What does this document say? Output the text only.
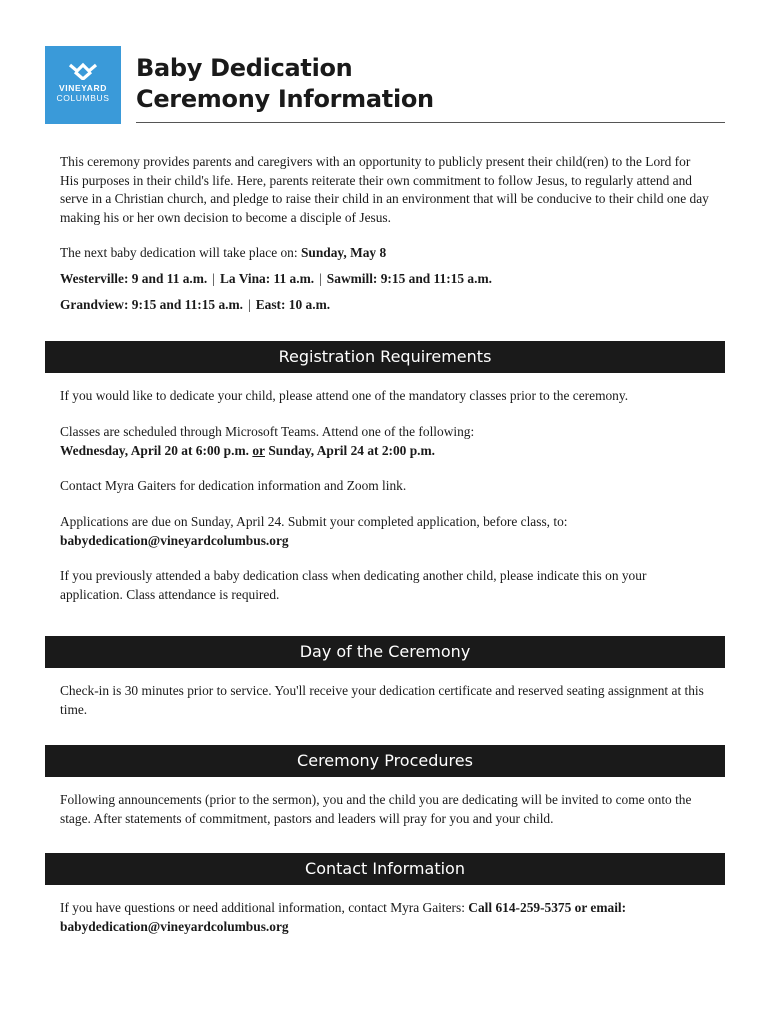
VINEYARD
COLUMBUS
Baby Dedication
Ceremony Information
This ceremony provides parents and caregivers with an opportunity to publicly present their child(ren) to the Lord for His purposes in their child's life. Here, parents reiterate their own commitment to follow Jesus, to regularly attend and serve in a Christian church, and pledge to raise their child in an environment that will be conducive to their child one day making his or her own decision to become a disciple of Jesus.
The next baby dedication will take place on: Sunday, May 8
Westerville: 9 and 11 a.m. | La Vina: 11 a.m. | Sawmill: 9:15 and 11:15 a.m.
Grandview: 9:15 and 11:15 a.m. | East: 10 a.m.
Registration Requirements
If you would like to dedicate your child, please attend one of the mandatory classes prior to the ceremony.
Classes are scheduled through Microsoft Teams. Attend one of the following:
Wednesday, April 20 at 6:00 p.m. or Sunday, April 24 at 2:00 p.m.
Contact Myra Gaiters for dedication information and Zoom link.
Applications are due on Sunday, April 24. Submit your completed application, before class, to:
babydedication@vineyardcolumbus.org
If you previously attended a baby dedication class when dedicating another child, please indicate this on your application. Class attendance is required.
Day of the Ceremony
Check-in is 30 minutes prior to service. You'll receive your dedication certificate and reserved seating assignment at this time.
Ceremony Procedures
Following announcements (prior to the sermon), you and the child you are dedicating will be invited to come onto the stage. After statements of commitment, pastors and leaders will pray for you and your child.
Contact Information
If you have questions or need additional information, contact Myra Gaiters: Call 614-259-5375 or email:
babydedication@vineyardcolumbus.org
